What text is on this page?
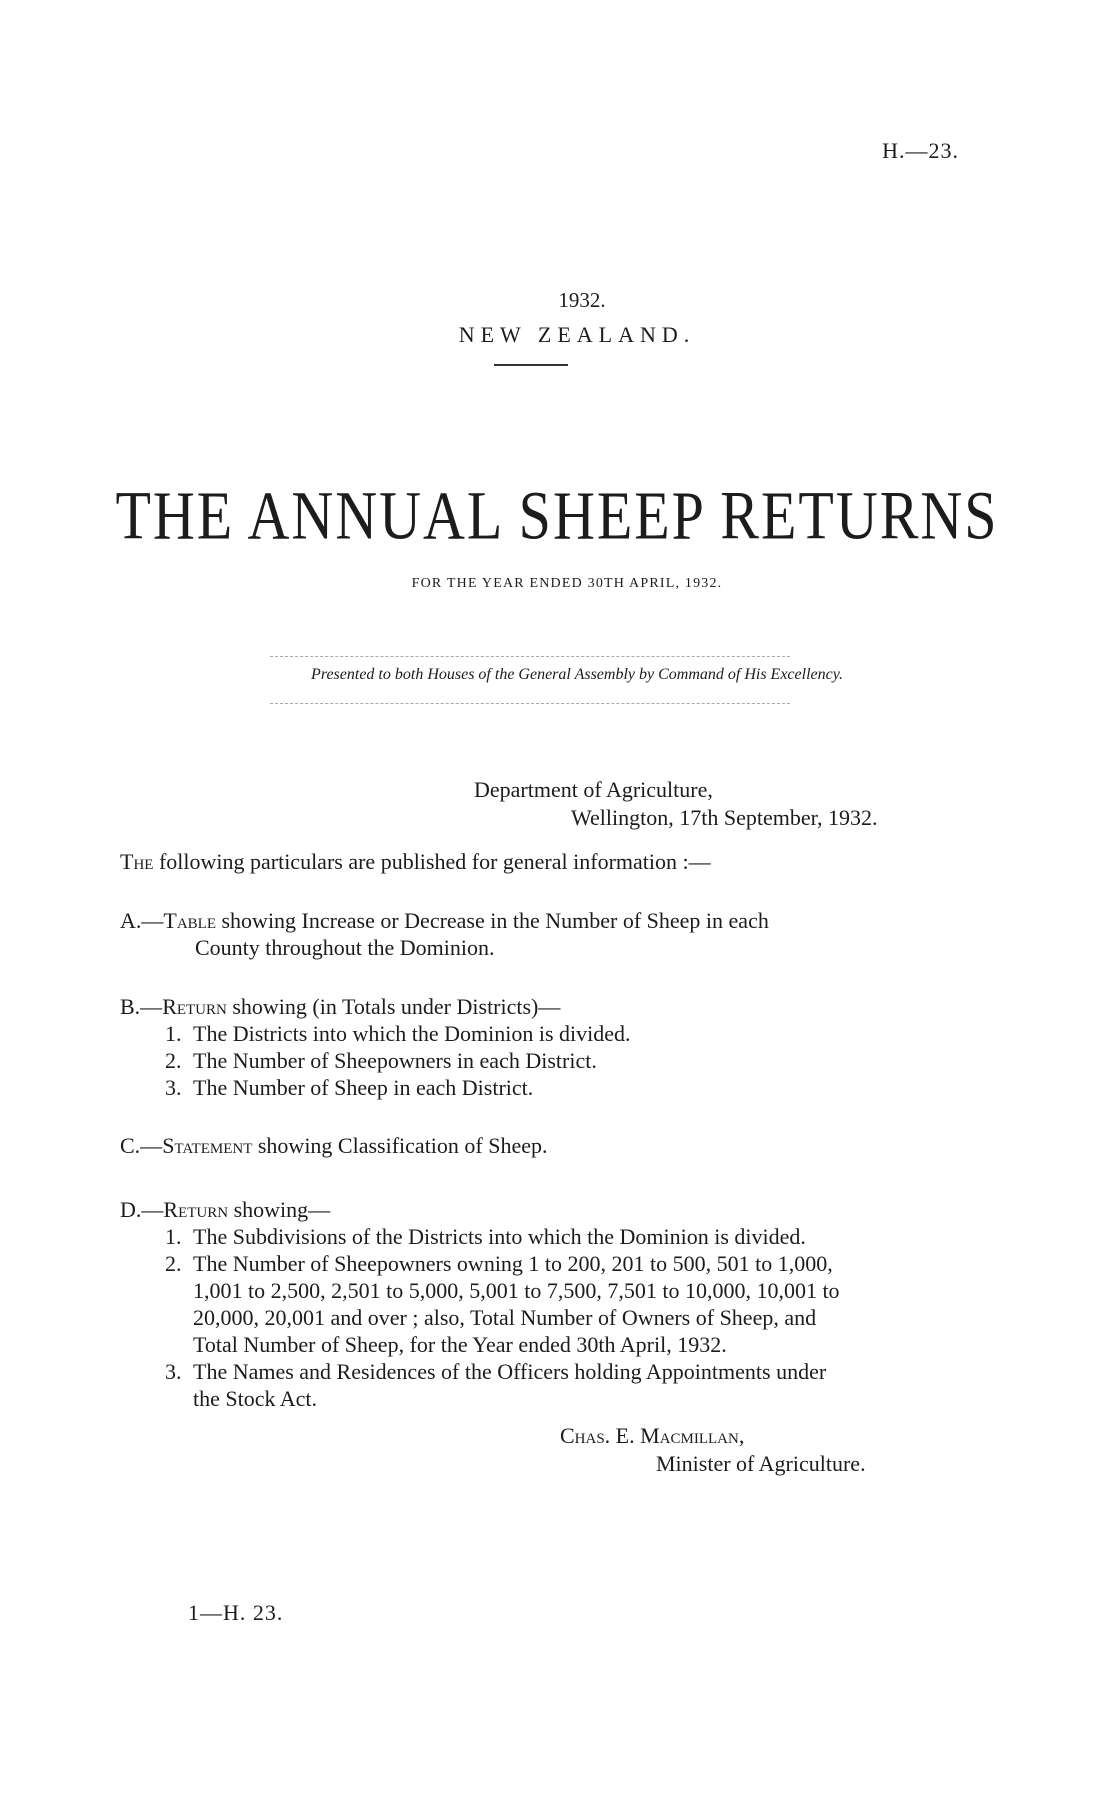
H.—23.
1932.
NEW ZEALAND.
THE ANNUAL SHEEP RETURNS
FOR THE YEAR ENDED 30TH APRIL, 1932.
Presented to both Houses of the General Assembly by Command of His Excellency.
Department of Agriculture,
Wellington, 17th September, 1932.
The following particulars are published for general information :—
A.—Table showing Increase or Decrease in the Number of Sheep in each
County throughout the Dominion.
B.—Return showing (in Totals under Districts)—
1. The Districts into which the Dominion is divided.
2. The Number of Sheepowners in each District.
3. The Number of Sheep in each District.
C.—Statement showing Classification of Sheep.
D.—Return showing—
1. The Subdivisions of the Districts into which the Dominion is divided.
2. The Number of Sheepowners owning 1 to 200, 201 to 500, 501 to 1,000,
1,001 to 2,500, 2,501 to 5,000, 5,001 to 7,500, 7,501 to 10,000, 10,001 to
20,000, 20,001 and over ; also, Total Number of Owners of Sheep, and
Total Number of Sheep, for the Year ended 30th April, 1932.
3. The Names and Residences of the Officers holding Appointments under
the Stock Act.
Chas. E. Macmillan,
Minister of Agriculture.
1—H. 23.
